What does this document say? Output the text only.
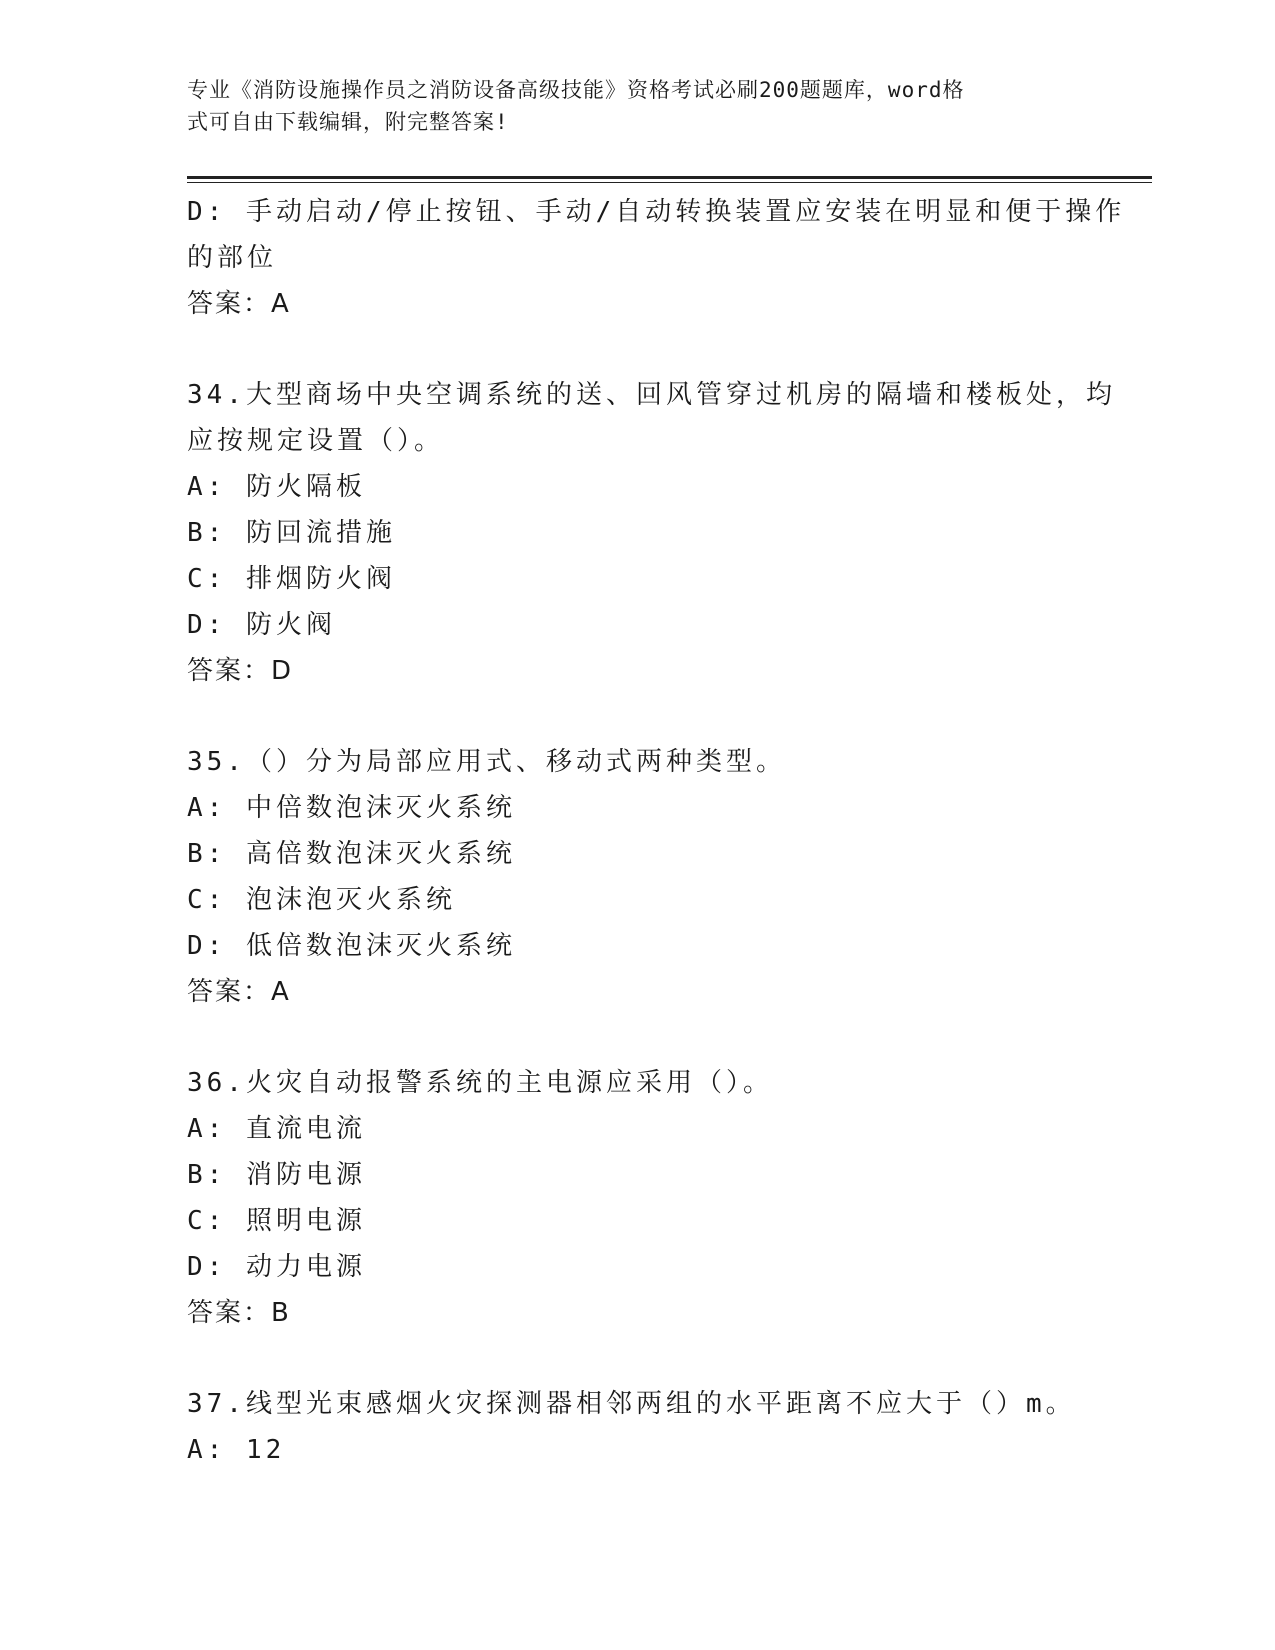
专业《消防设施操作员之消防设备高级技能》资格考试必刷200题题库，word格
式可自由下载编辑，附完整答案!
D: 手动启动/停止按钮、手动/自动转换装置应安装在明显和便于操作
的部位
答案：A
34.大型商场中央空调系统的送、回风管穿过机房的隔墙和楼板处，均
应按规定设置（）。
A: 防火隔板
B: 防回流措施
C: 排烟防火阀
D: 防火阀
答案：D
35.（）分为局部应用式、移动式两种类型。
A: 中倍数泡沫灭火系统
B: 高倍数泡沫灭火系统
C: 泡沫泡灭火系统
D: 低倍数泡沫灭火系统
答案：A
36.火灾自动报警系统的主电源应采用（）。
A: 直流电流
B: 消防电源
C: 照明电源
D: 动力电源
答案：B
37.线型光束感烟火灾探测器相邻两组的水平距离不应大于（）m。
A: 12
